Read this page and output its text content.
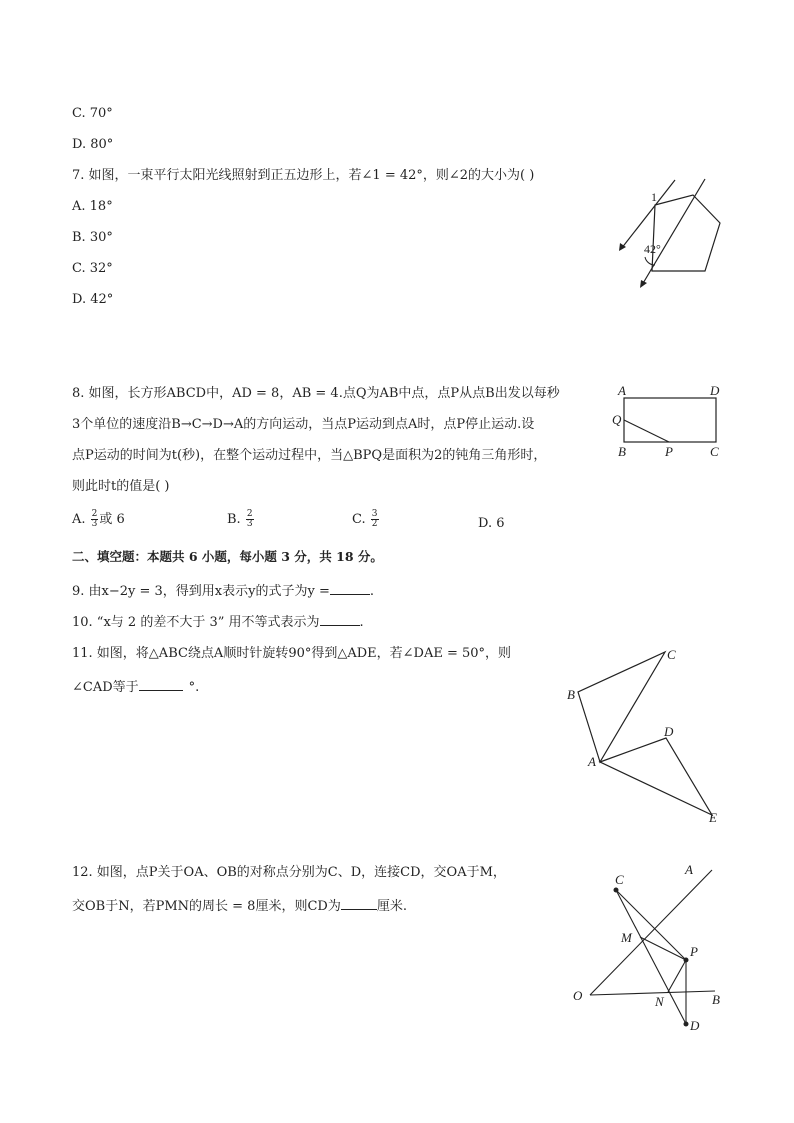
C. 70°
D. 80°
7. 如图，一束平行太阳光线照射到正五边形上，若∠1 = 42°，则∠2的大小为( )
A. 18°
B. 30°
C. 32°
D. 42°
1
42°
8. 如图，长方形ABCD中，AD = 8，AB = 4.点Q为AB中点，点P从点B出发以每秒
3个单位的速度沿B→C→D→A的方向运动，当点P运动到点A时，点P停止运动.设
点P运动的时间为t(秒)，在整个运动过程中，当△BPQ是面积为2的钝角三角形时，
则此时t的值是( )
A. $\frac{2}{3}$ 或 6	B. $\frac{2}{3}$	C. $\frac{3}{2}$	D. 6
A	D
Q
B	P	C
二、填空题：本题共 6 小题，每小题 3 分，共 18 分。
9. 由x−2y = 3，得到用x表示y的式子为y =	.
10. “x与 2 的差不大于 3” 用不等式表示为	.
11. 如图，将△ABC绕点A顺时针旋转90°得到△ADE，若∠DAE = 50°，则
∠CAD等于	°.
C
B
D
A
E
12. 如图，点P关于OA、OB的对称点分别为C、D，连接CD，交OA于M，
交OB于N，若PMN的周长 = 8厘米，则CD为	厘米.
C
A
M
P
O	N	B
D
